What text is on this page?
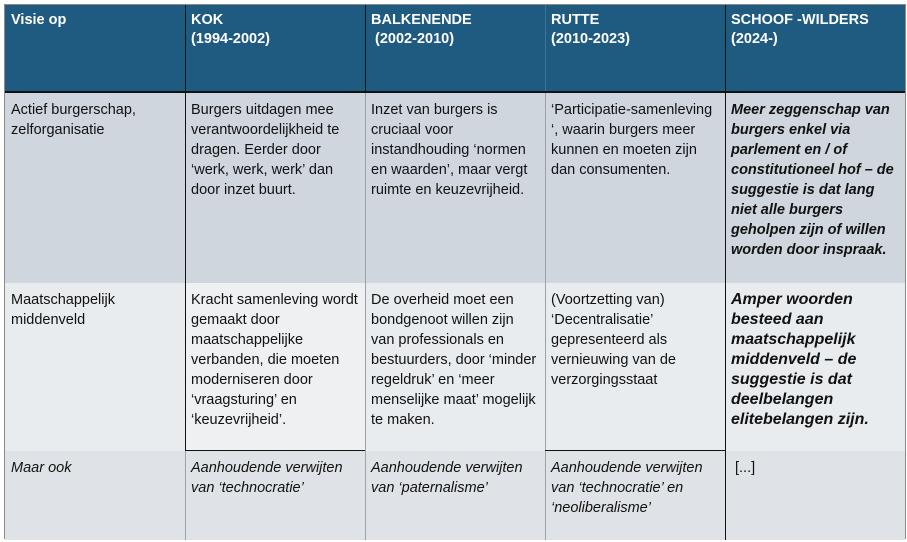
Visie op	KOK
(1994-2002)
BALKENENDE
(2002-2010)
RUTTE
(2010-2023)
SCHOOF -WILDERS
(2024-)
Actief burgerschap, zelforganisatie
Burgers uitdagen mee verantwoordelijkheid te dragen. Eerder door ‘werk, werk, werk’ dan door inzet buurt.
Inzet van burgers is cruciaal voor instandhouding ‘normen en waarden’, maar vergt ruimte en keuzevrijheid.
‘Participatie-samenleving ‘, waarin burgers meer kunnen en moeten zijn dan consumenten.
Meer zeggenschap van burgers enkel via parlement en / of constitutioneel hof – de suggestie is dat lang niet alle burgers geholpen zijn of willen worden door inspraak.
Maatschappelijk middenveld
Kracht samenleving wordt gemaakt door maatschappelijke verbanden, die moeten moderniseren door ‘vraagsturing’ en ‘keuzevrijheid’.
De overheid moet een bondgenoot willen zijn van professionals en bestuurders, door ‘minder regeldruk’ en ‘meer menselijke maat’ mogelijk te maken.
(Voortzetting van) ‘Decentralisatie’ gepresenteerd als vernieuwing van de verzorgingsstaat
Amper woorden besteed aan maatschappelijk middenveld – de suggestie is dat deelbelangen elitebelangen zijn.
Maar ook	Aanhoudende verwijten van ‘technocratie’
Aanhoudende verwijten van ‘paternalisme’
Aanhoudende verwijten van ‘technocratie’ en ‘neoliberalisme’
[...]
